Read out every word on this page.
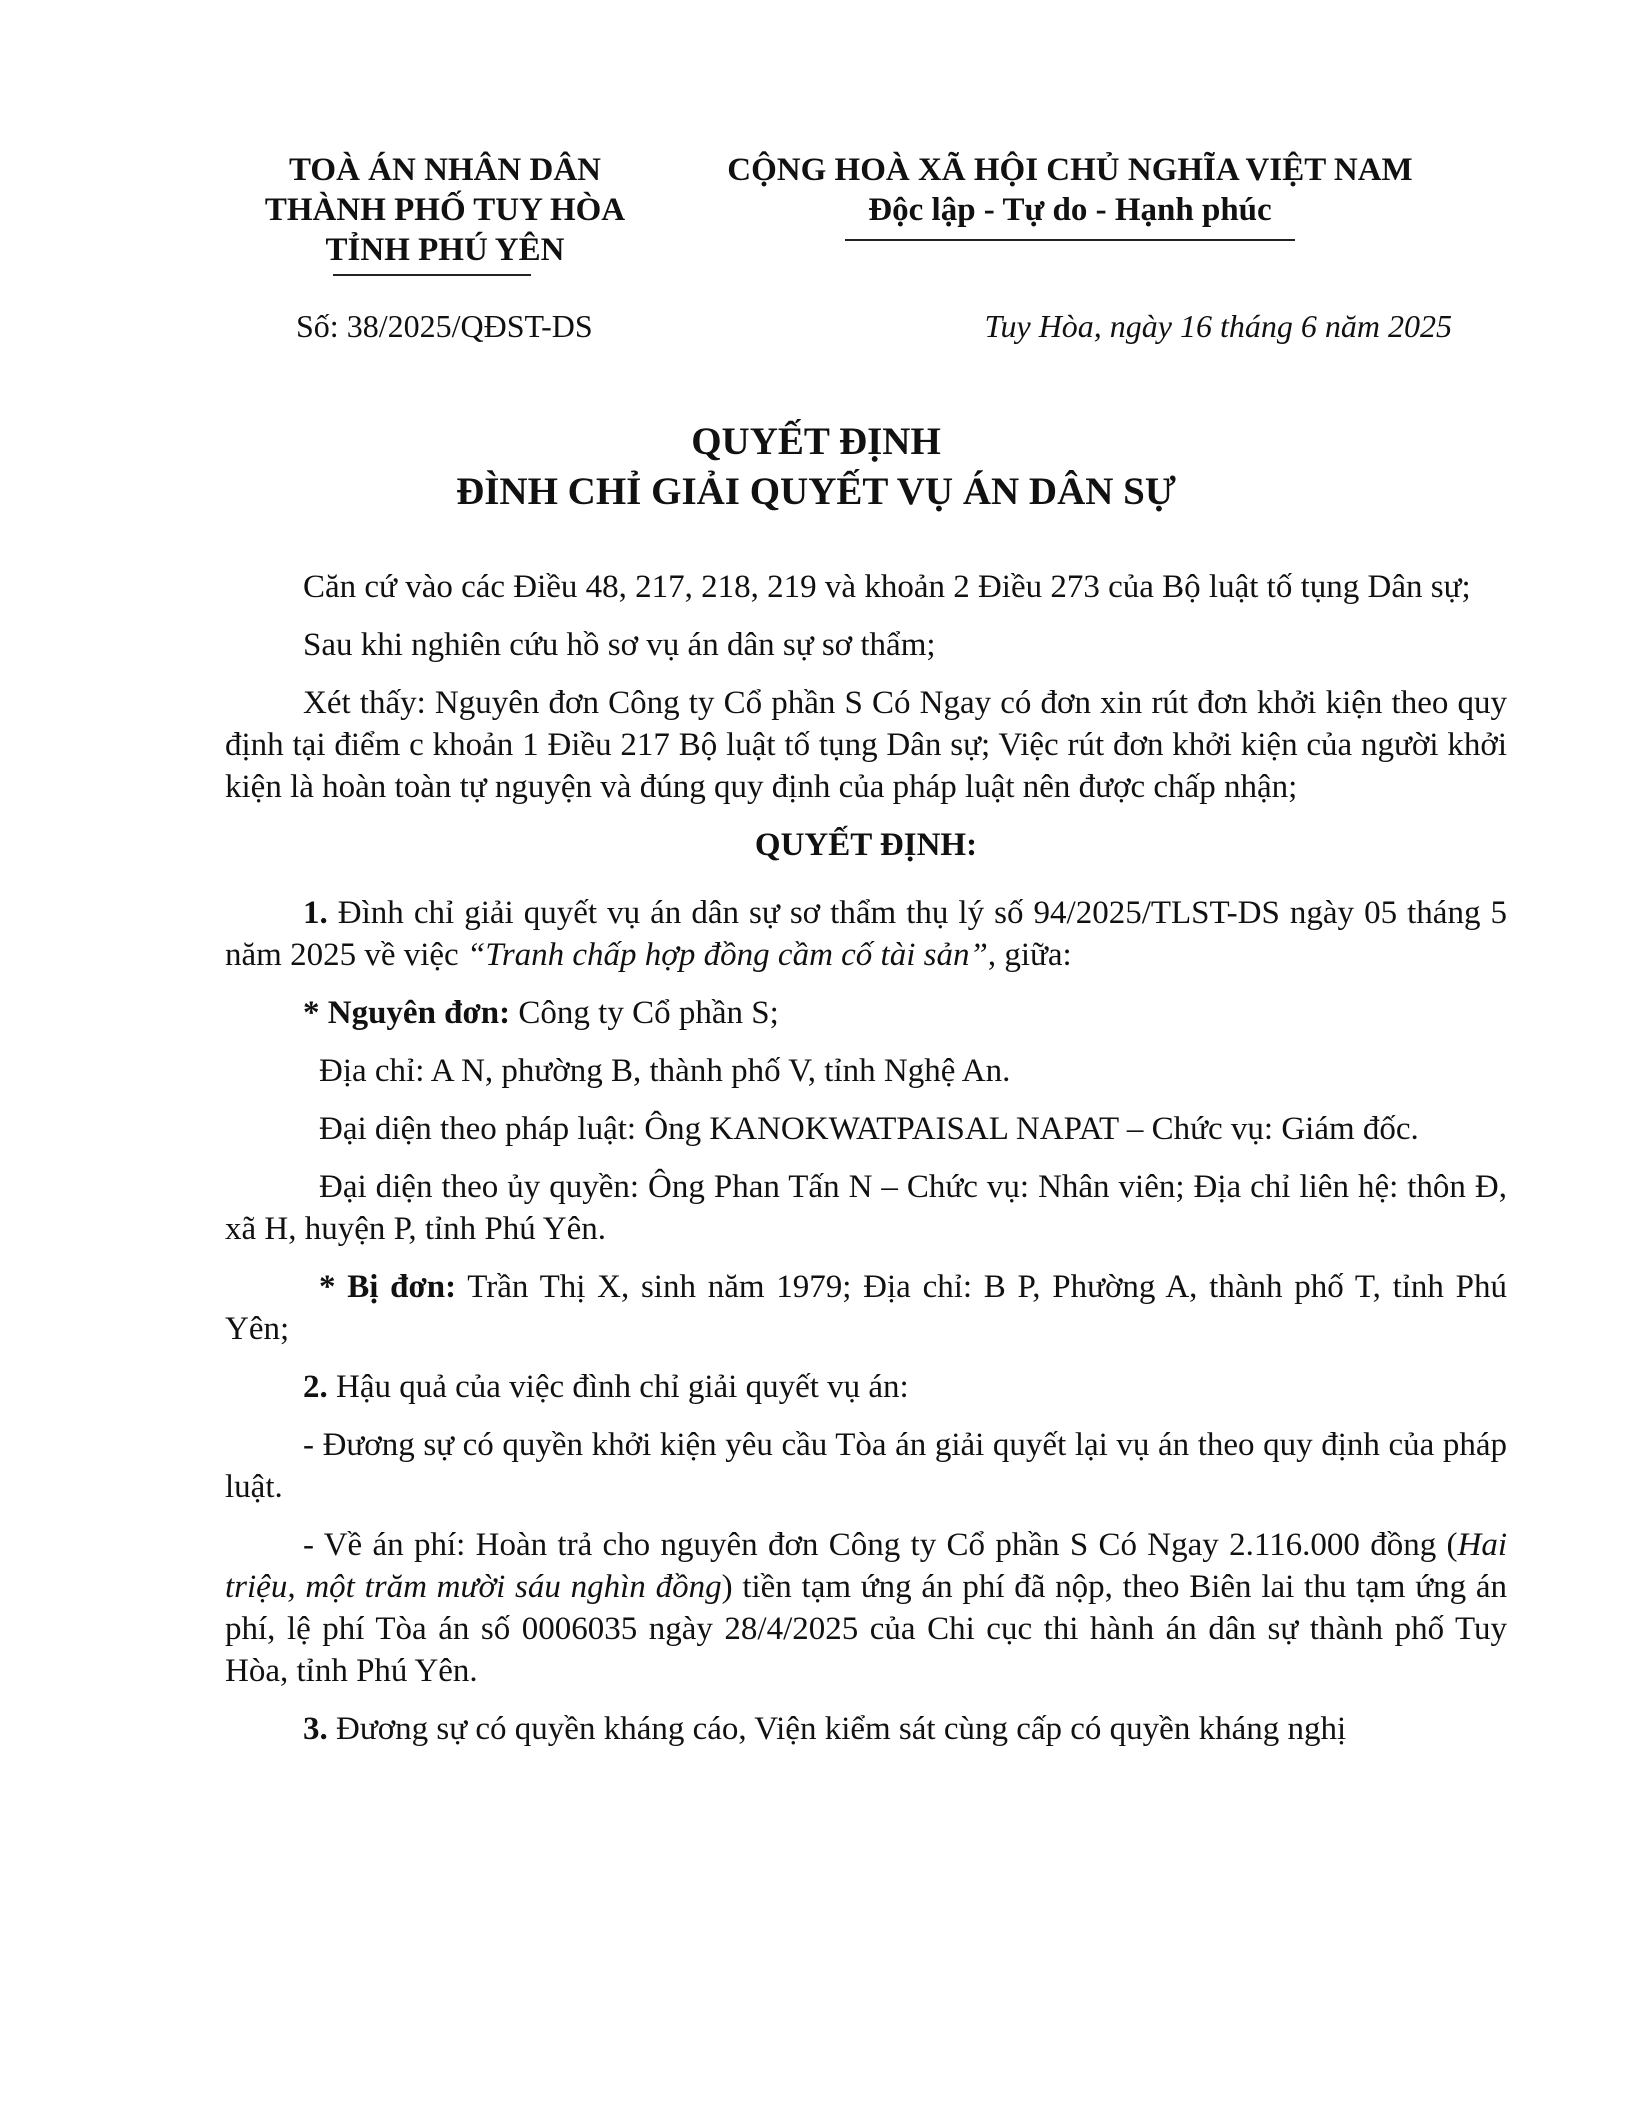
TOÀ ÁN NHÂN DÂN
THÀNH PHỐ TUY HÒA
TỈNH PHÚ YÊN
CỘNG HOÀ XÃ HỘI CHỦ NGHĨA VIỆT NAM
Độc lập - Tự do - Hạnh phúc
Số: 38/2025/QĐST-DS	Tuy Hòa, ngày 16 tháng 6 năm 2025
QUYẾT ĐỊNH
ĐÌNH CHỈ GIẢI QUYẾT VỤ ÁN DÂN SỰ

Căn cứ vào các Điều 48, 217, 218, 219 và khoản 2 Điều 273 của Bộ luật tố tụng Dân sự;

Sau khi nghiên cứu hồ sơ vụ án dân sự sơ thẩm;

Xét thấy: Nguyên đơn Công ty Cổ phần S Có Ngay có đơn xin rút đơn khởi kiện theo quy định tại điểm c khoản 1 Điều 217 Bộ luật tố tụng Dân sự; Việc rút đơn khởi kiện của người khởi kiện là hoàn toàn tự nguyện và đúng quy định của pháp luật nên được chấp nhận;

QUYẾT ĐỊNH:

1. Đình chỉ giải quyết vụ án dân sự sơ thẩm thụ lý số 94/2025/TLST-DS ngày 05 tháng 5 năm 2025 về việc “Tranh chấp hợp đồng cầm cố tài sản”, giữa:

* Nguyên đơn: Công ty Cổ phần S;

Địa chỉ: A N, phường B, thành phố V, tỉnh Nghệ An.

Đại diện theo pháp luật: Ông KANOKWATPAISAL NAPAT – Chức vụ: Giám đốc.

Đại diện theo ủy quyền: Ông Phan Tấn N – Chức vụ: Nhân viên; Địa chỉ liên hệ: thôn Đ, xã H, huyện P, tỉnh Phú Yên.

* Bị đơn: Trần Thị X, sinh năm 1979; Địa chỉ: B P, Phường A, thành phố T, tỉnh Phú Yên;

2. Hậu quả của việc đình chỉ giải quyết vụ án:

- Đương sự có quyền khởi kiện yêu cầu Tòa án giải quyết lại vụ án theo quy định của pháp luật.

- Về án phí: Hoàn trả cho nguyên đơn Công ty Cổ phần S Có Ngay 2.116.000 đồng (Hai triệu, một trăm mười sáu nghìn đồng) tiền tạm ứng án phí đã nộp, theo Biên lai thu tạm ứng án phí, lệ phí Tòa án số 0006035 ngày 28/4/2025 của Chi cục thi hành án dân sự thành phố Tuy Hòa, tỉnh Phú Yên.

3. Đương sự có quyền kháng cáo, Viện kiểm sát cùng cấp có quyền kháng nghị
